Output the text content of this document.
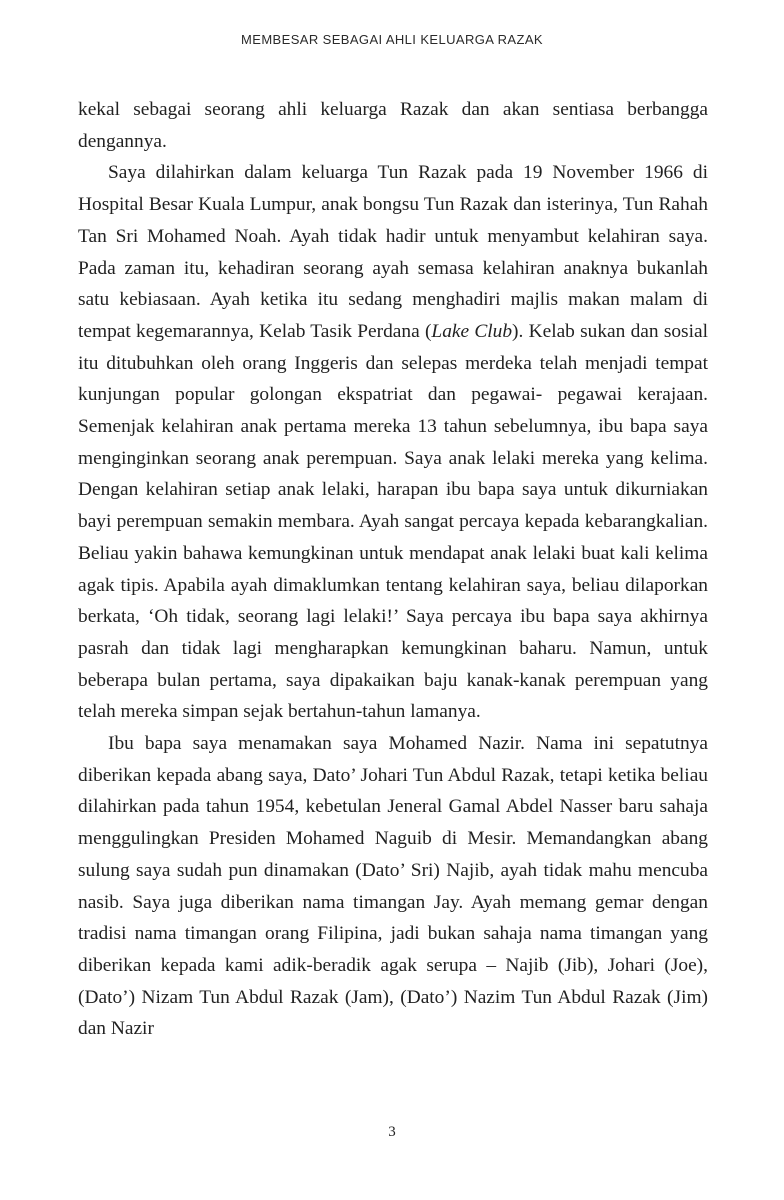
MEMBESAR SEBAGAI AHLI KELUARGA RAZAK

kekal sebagai seorang ahli keluarga Razak dan akan sentiasa berbangga dengannya.

Saya dilahirkan dalam keluarga Tun Razak pada 19 November 1966 di Hospital Besar Kuala Lumpur, anak bongsu Tun Razak dan isterinya, Tun Rahah Tan Sri Mohamed Noah. Ayah tidak hadir untuk menyambut kelahiran saya. Pada zaman itu, kehadiran seorang ayah semasa kelahiran anaknya bukanlah satu kebiasaan. Ayah ketika itu sedang menghadiri majlis makan malam di tempat kegemarannya, Kelab Tasik Perdana (Lake Club). Kelab sukan dan sosial itu ditubuhkan oleh orang Inggeris dan selepas merdeka telah menjadi tempat kunjungan popular golongan ekspatriat dan pegawai- pegawai kerajaan. Semenjak kelahiran anak pertama mereka 13 tahun sebelumnya, ibu bapa saya menginginkan seorang anak perempuan. Saya anak lelaki mereka yang kelima. Dengan kelahiran setiap anak lelaki, harapan ibu bapa saya untuk dikurniakan bayi perempuan semakin membara. Ayah sangat percaya kepada kebarangkalian. Beliau yakin bahawa kemungkinan untuk mendapat anak lelaki buat kali kelima agak tipis. Apabila ayah dimaklumkan tentang kelahiran saya, beliau dilaporkan berkata, ‘Oh tidak, seorang lagi lelaki!’ Saya percaya ibu bapa saya akhirnya pasrah dan tidak lagi mengharapkan kemungkinan baharu. Namun, untuk beberapa bulan pertama, saya dipakaikan baju kanak-kanak perempuan yang telah mereka simpan sejak bertahun-tahun lamanya.

Ibu bapa saya menamakan saya Mohamed Nazir. Nama ini sepatutnya diberikan kepada abang saya, Dato’ Johari Tun Abdul Razak, tetapi ketika beliau dilahirkan pada tahun 1954, kebetulan Jeneral Gamal Abdel Nasser baru sahaja menggulingkan Presiden Mohamed Naguib di Mesir. Memandangkan abang sulung saya sudah pun dinamakan (Dato’ Sri) Najib, ayah tidak mahu mencuba nasib. Saya juga diberikan nama timangan Jay. Ayah memang gemar dengan tradisi nama timangan orang Filipina, jadi bukan sahaja nama timangan yang diberikan kepada kami adik-beradik agak serupa – Najib (Jib), Johari (Joe), (Dato’) Nizam Tun Abdul Razak (Jam), (Dato’) Nazim Tun Abdul Razak (Jim) dan Nazir

3
